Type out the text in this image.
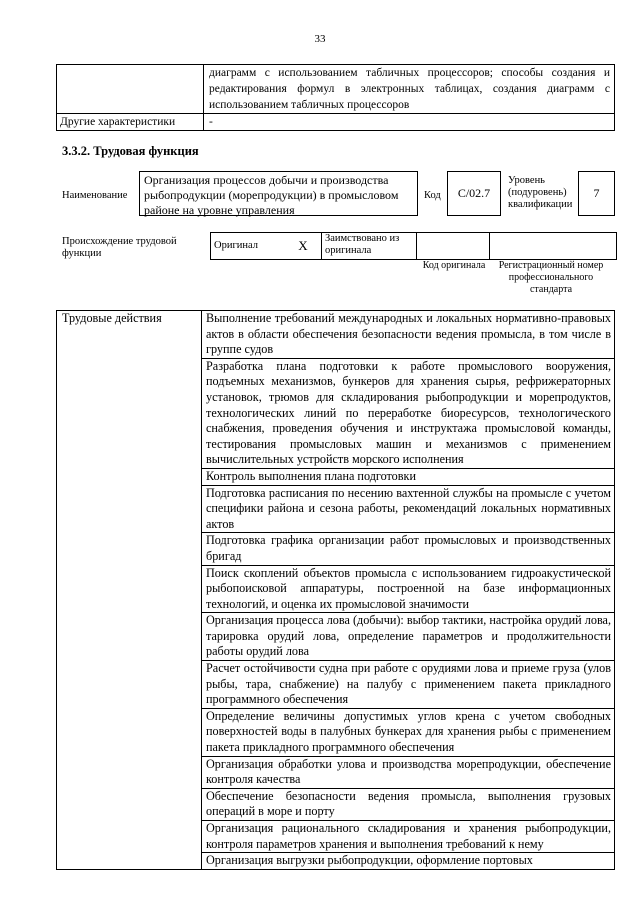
33
	диаграмм с использованием табличных процессоров; способы создания и редактирования формул в электронных таблицах, создания диаграмм с использованием табличных процессоров
Другие характеристики	-
3.3.2. Трудовая функция
Наименование
Организация процессов добычи и производства рыбопродукции (морепродукции) в промысловом районе на уровне управления
Код	C/02.7
Уровень (подуровень) квалификации
7
Происхождение трудовой функции
Оригинал	X	Заимствовано из оригинала		
Код оригинала	Регистрационный номер профессионального стандарта
Трудовые действия	Выполнение требований международных и локальных нормативно-правовых актов в области обеспечения безопасности ведения промысла, в том числе в группе судов
Разработка плана подготовки к работе промыслового вооружения, подъемных механизмов, бункеров для хранения сырья, рефрижераторных установок, трюмов для складирования рыбопродукции и морепродуктов, технологических линий по переработке биоресурсов, технологического снабжения, проведения обучения и инструктажа промысловой команды, тестирования промысловых машин и механизмов с применением вычислительных устройств морского исполнения
Контроль выполнения плана подготовки
Подготовка расписания по несению вахтенной службы на промысле с учетом специфики района и сезона работы, рекомендаций локальных нормативных актов
Подготовка графика организации работ промысловых и производственных бригад
Поиск скоплений объектов промысла с использованием гидроакустической рыбопоисковой аппаратуры, построенной на базе информационных технологий, и оценка их промысловой значимости
Организация процесса лова (добычи): выбор тактики, настройка орудий лова, тарировка орудий лова, определение параметров и продолжительности работы орудий лова
Расчет остойчивости судна при работе с орудиями лова и приеме груза (улов рыбы, тара, снабжение) на палубу с применением пакета прикладного программного обеспечения
Определение величины допустимых углов крена с учетом свободных поверхностей воды в палубных бункерах для хранения рыбы с применением пакета прикладного программного обеспечения
Организация обработки улова и производства морепродукции, обеспечение контроля качества
Обеспечение безопасности ведения промысла, выполнения грузовых операций в море и порту
Организация рационального складирования и хранения рыбопродукции, контроля параметров хранения и выполнения требований к нему
Организация выгрузки рыбопродукции, оформление портовых
